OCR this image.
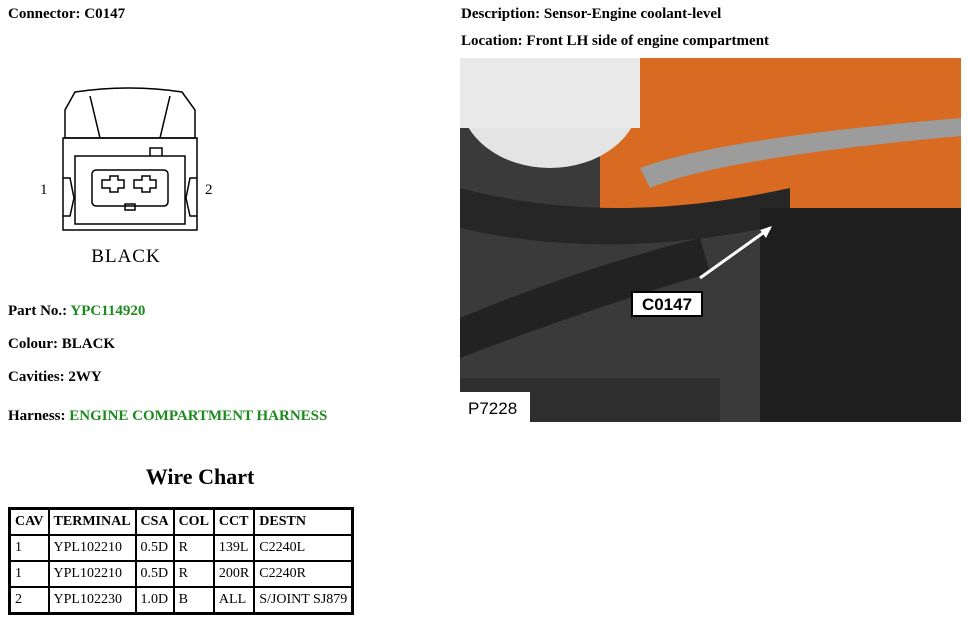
Connector: C0147	Description: Sensor-Engine coolant-level
Location: Front LH side of engine compartment
1	2
BLACK
Part No.: YPC114920
Colour: BLACK
Cavities: 2WY
Harness: ENGINE COMPARTMENT HARNESS
C0147
P7228
Wire Chart
CAV	TERMINAL	CSA	COL	CCT	DESTN
1	YPL102210	0.5D	R	139L	C2240L
1	YPL102210	0.5D	R	200R	C2240R
2	YPL102230	1.0D	B	ALL	S/JOINT SJ879
